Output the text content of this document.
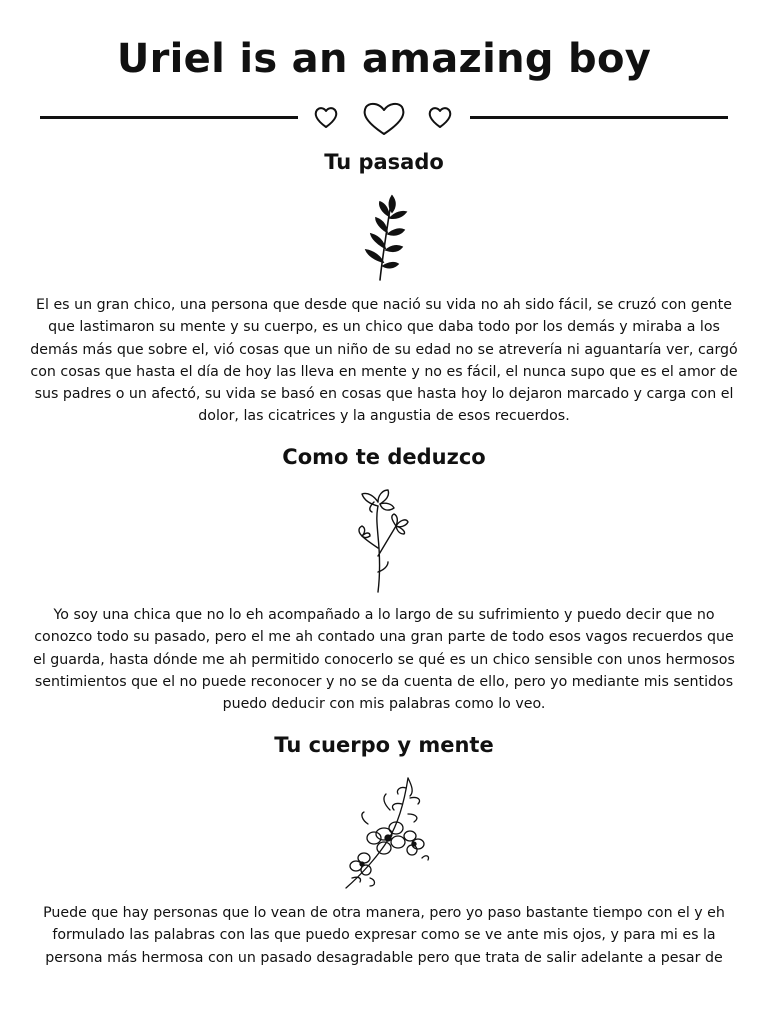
Uriel is an amazing boy
Tu pasado

El es un gran chico, una persona que desde que nació su vida no ah sido fácil, se cruzó con gente que lastimaron su mente y su cuerpo, es un chico que daba todo por los demás y miraba a los demás más que sobre el, vió cosas que un niño de su edad no se atrevería ni aguantaría ver, cargó con cosas que hasta el día de hoy las lleva en mente y no es fácil, el nunca supo que es el amor de sus padres o un afectó, su vida se basó en cosas que hasta hoy lo dejaron marcado y carga con el dolor, las cicatrices y la angustia de esos recuerdos.

Como te deduzco

Yo soy una chica que no lo eh acompañado a lo largo de su sufrimiento y puedo decir que no conozco todo su pasado, pero el me ah contado una gran parte de todo esos vagos recuerdos que el guarda, hasta dónde me ah permitido conocerlo se qué es un chico sensible con unos hermosos sentimientos que el no puede reconocer y no se da cuenta de ello, pero yo mediante mis sentidos puedo deducir con mis palabras como lo veo.

Tu cuerpo y mente

Puede que hay personas que lo vean de otra manera, pero yo paso bastante tiempo con el y eh formulado las palabras con las que puedo expresar como se ve ante mis ojos, y para mi es la persona más hermosa con un pasado desagradable pero que trata de salir adelante a pesar de
